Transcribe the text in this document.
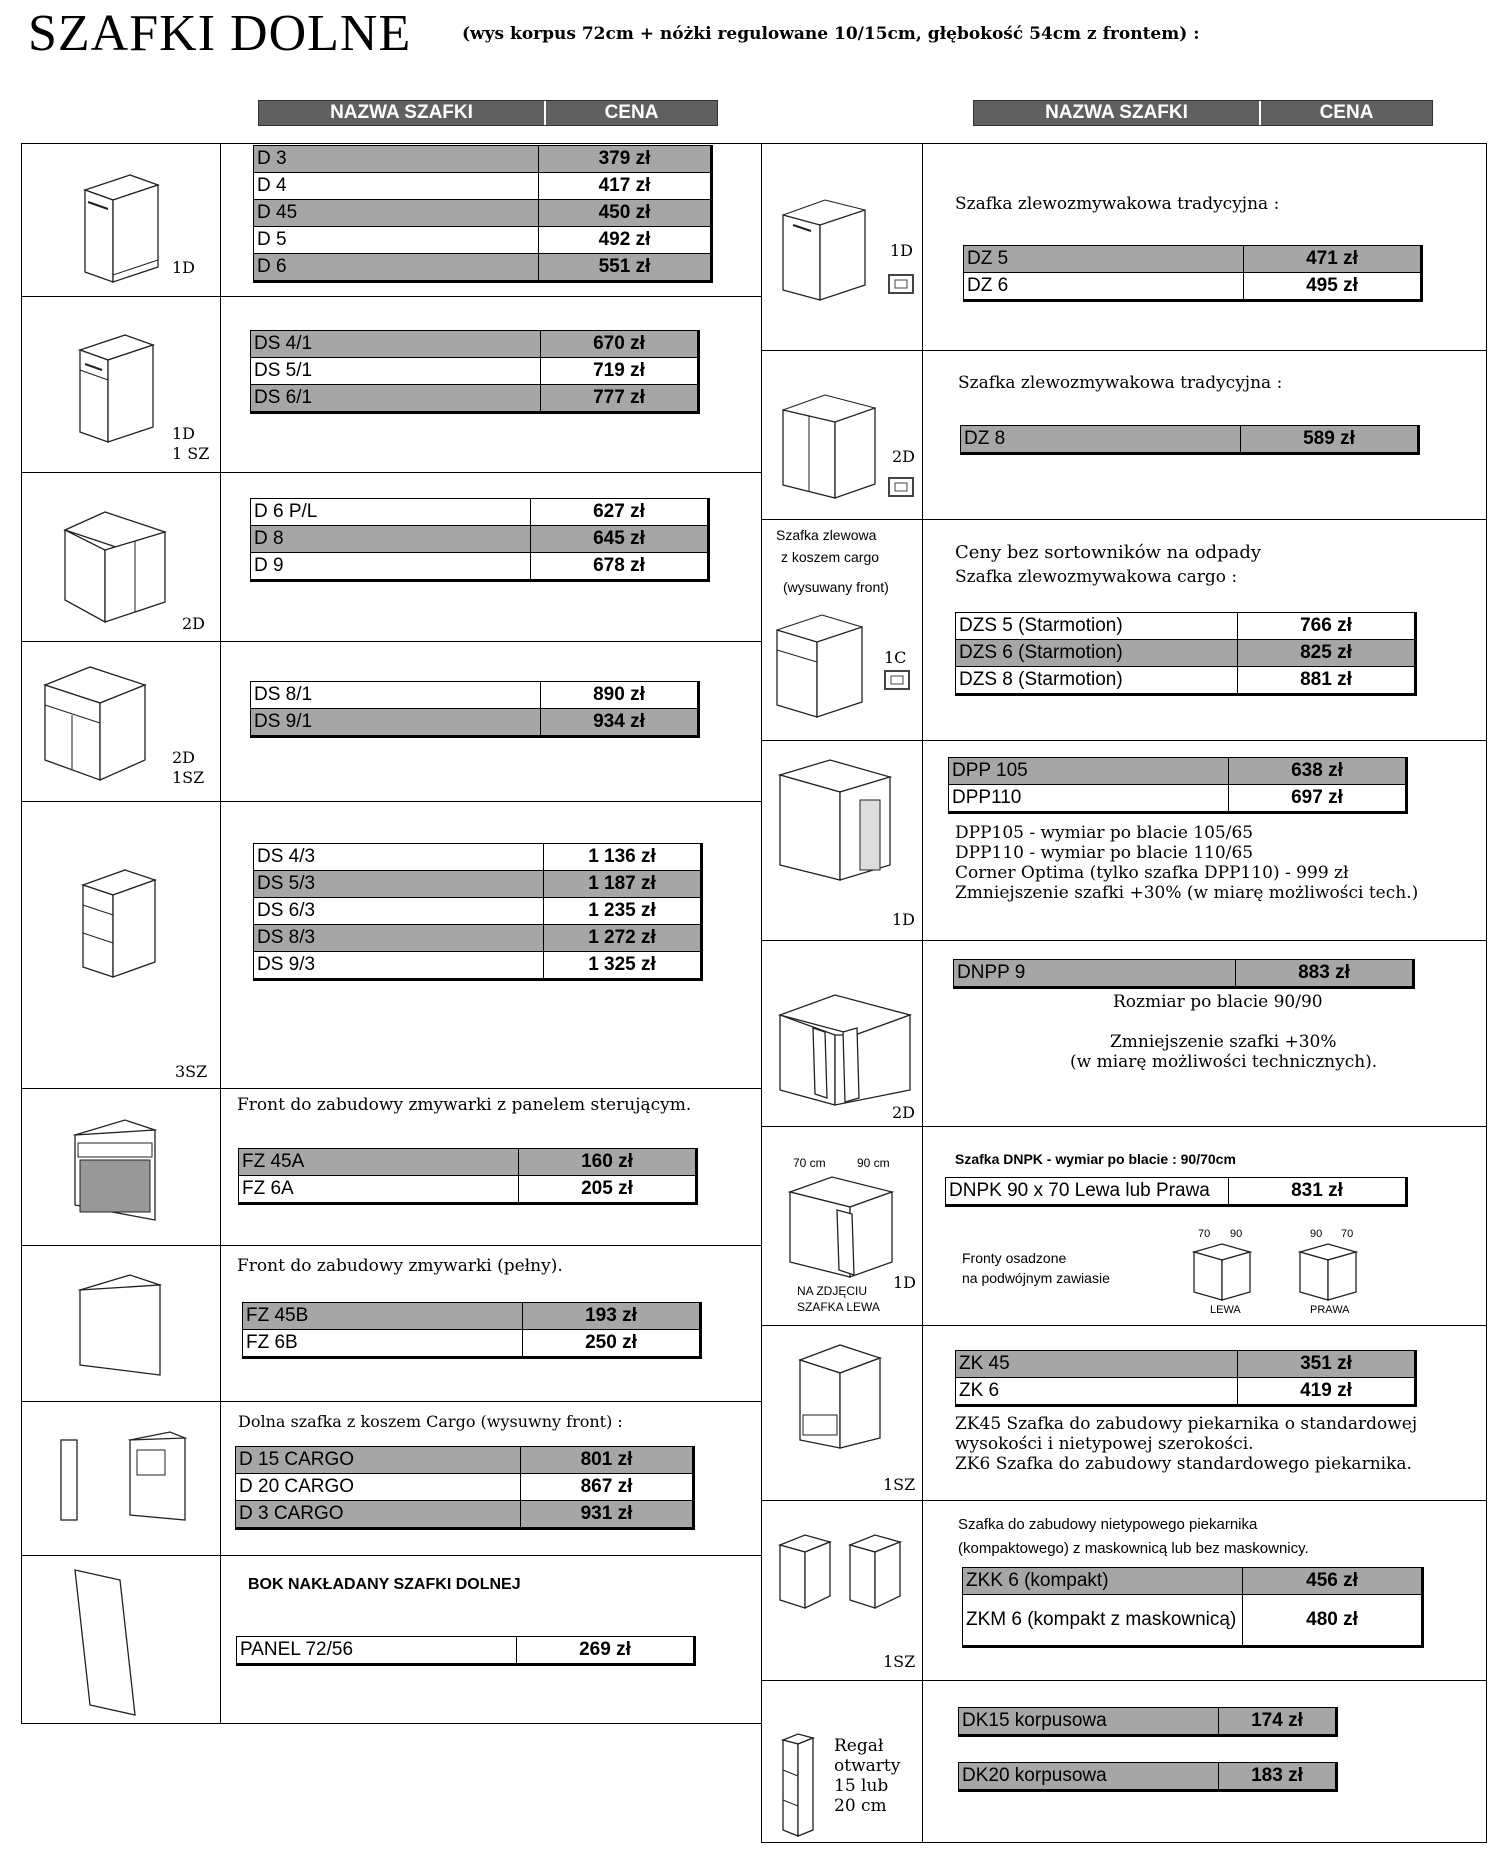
SZAFKI DOLNE	(wys korpus 72cm + nóżki regulowane 10/15cm, głębokość 54cm z frontem) :
NAZWA SZAFKI	CENA	NAZWA SZAFKI	CENA
1D
D 3	379 zł
D 4	417 zł
D 45	450 zł
D 5	492 zł
D 6	551 zł
1D
1 SZ
DS 4/1	670 zł
DS 5/1	719 zł
DS 6/1	777 zł
2D
D 6 P/L	627 zł
D 8	645 zł
D 9	678 zł
2D
1SZ
DS 8/1	890 zł
DS 9/1	934 zł
3SZ
DS 4/3	1 136 zł
DS 5/3	1 187 zł
DS 6/3	1 235 zł
DS 8/3	1 272 zł
DS 9/3	1 325 zł
Front do zabudowy zmywarki z panelem sterującym.
FZ 45A	160 zł
FZ 6A	205 zł
Front do zabudowy zmywarki (pełny).
FZ 45B	193 zł
FZ 6B	250 zł
Dolna szafka z koszem Cargo (wysuwny front) :
D 15 CARGO	801 zł
D 20 CARGO	867 zł
D 3 CARGO	931 zł
BOK NAKŁADANY SZAFKI DOLNEJ
PANEL 72/56	269 zł
1D
Szafka zlewozmywakowa tradycyjna :
DZ 5	471 zł
DZ 6	495 zł
2D
Szafka zlewozmywakowa tradycyjna :
DZ 8	589 zł
Szafka zlewowa
z koszem cargo
(wysuwany front)
1C
Ceny bez sortowników na odpady
Szafka zlewozmywakowa cargo :
DZS 5 (Starmotion)	766 zł
DZS 6 (Starmotion)	825 zł
DZS 8 (Starmotion)	881 zł
1D
DPP 105	638 zł
DPP110	697 zł
DPP105 - wymiar po blacie 105/65
DPP110 - wymiar po blacie 110/65
Corner Optima (tylko szafka DPP110) - 999 zł
Zmniejszenie szafki +30% (w miarę możliwości tech.)
2D
DNPP 9	883 zł
Rozmiar po blacie 90/90
Zmniejszenie szafki +30%
(w miarę możliwości technicznych).
70 cm	90 cm
1D
NA ZDJĘCIU
SZAFKA LEWA
Szafka DNPK - wymiar po blacie : 90/70cm
DNPK 90 x 70 Lewa lub Prawa	831 zł
Fronty osadzone
na podwójnym zawiasie
70 90
LEWA
90 70
PRAWA
1SZ
ZK 45	351 zł
ZK 6	419 zł
ZK45 Szafka do zabudowy piekarnika o standardowej
wysokości i nietypowej szerokości.
ZK6 Szafka do zabudowy standardowego piekarnika.
1SZ
Szafka do zabudowy nietypowego piekarnika
(kompaktowego) z maskownicą lub bez maskownicy.
ZKK 6 (kompakt)	456 zł
ZKM 6 (kompakt z maskownicą)	480 zł
Regał
otwarty
15 lub
20 cm
DK15 korpusowa	174 zł
DK20 korpusowa	183 zł
